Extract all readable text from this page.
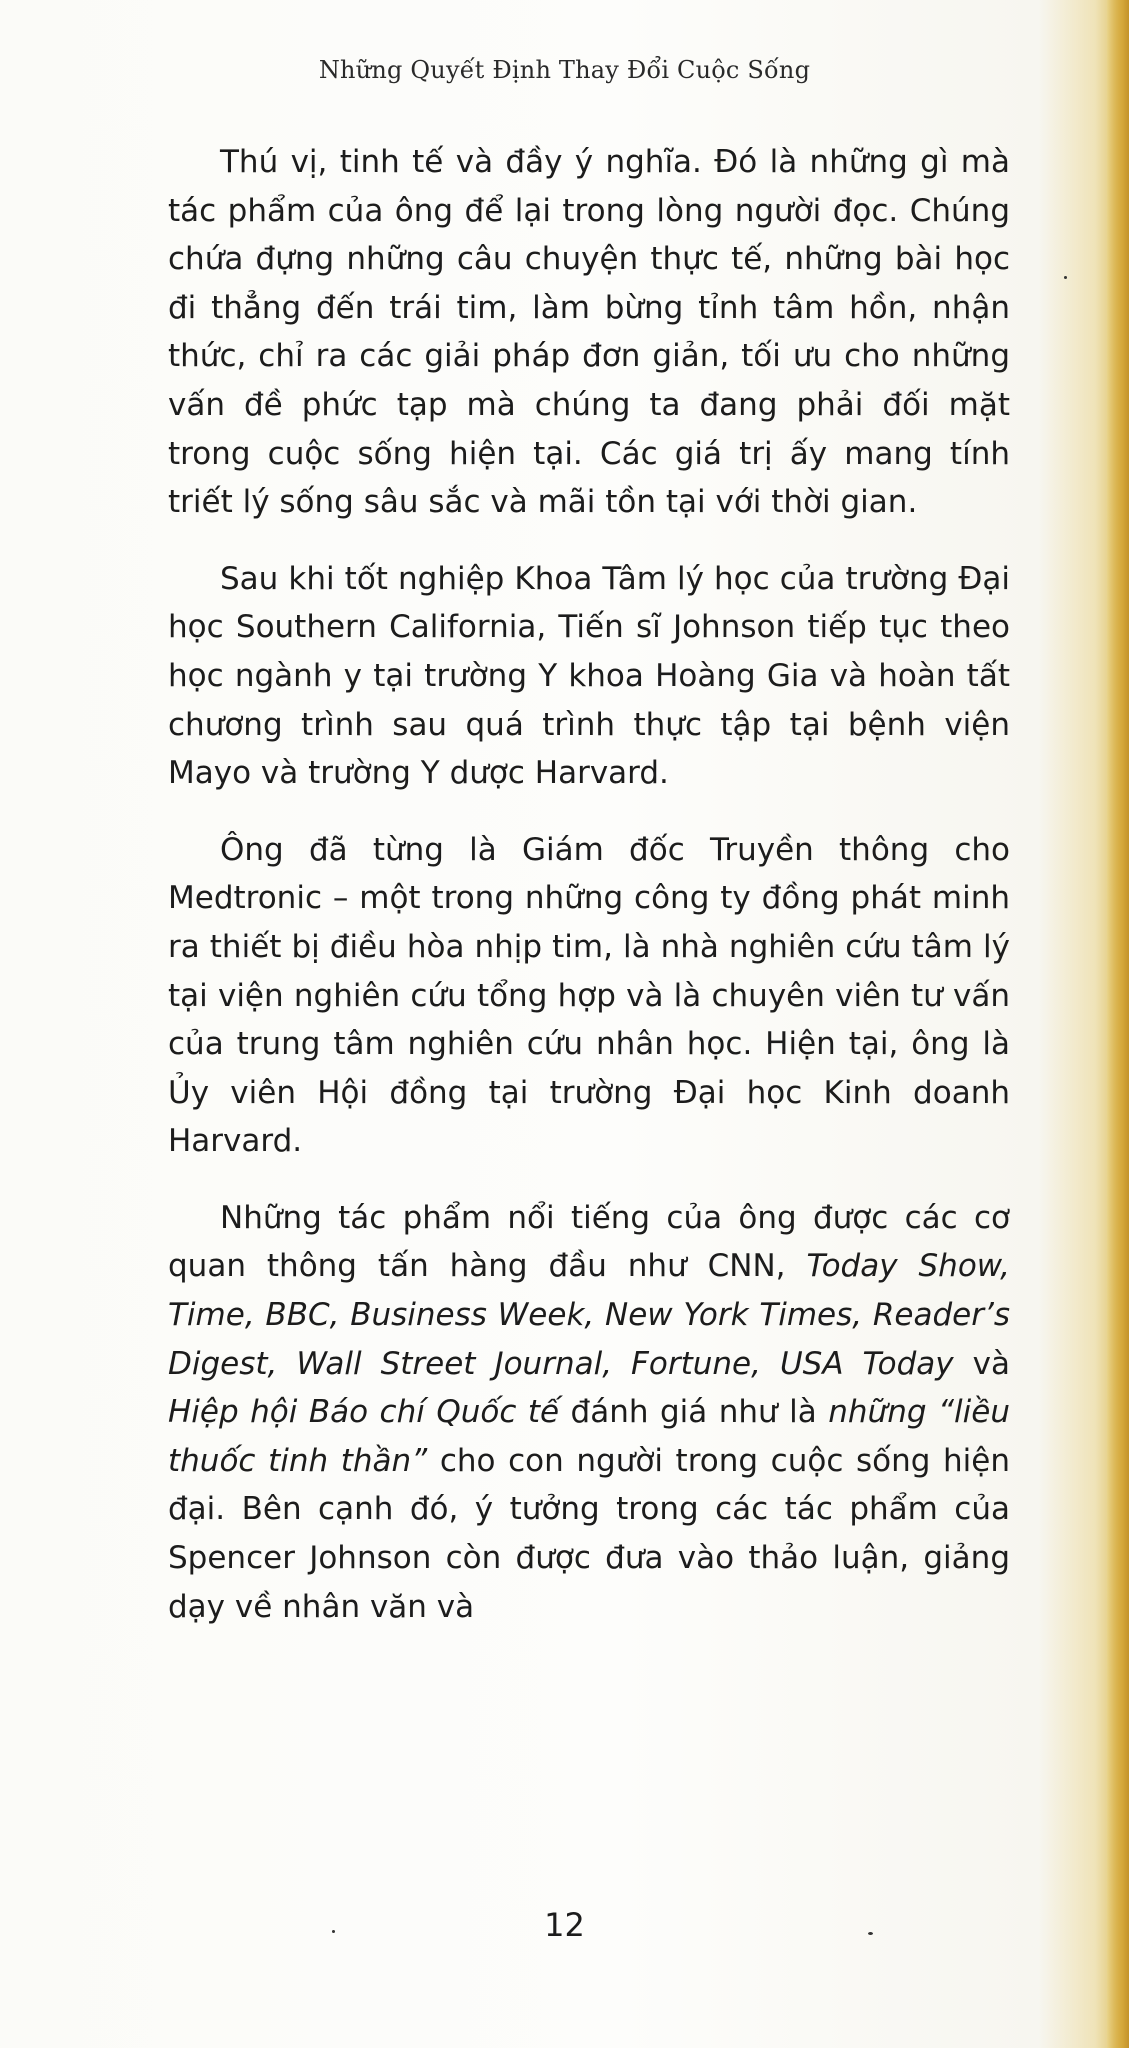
Những Quyết Định Thay Đổi Cuộc Sống

Thú vị, tinh tế và đầy ý nghĩa. Đó là những gì mà tác phẩm của ông để lại trong lòng người đọc. Chúng chứa đựng những câu chuyện thực tế, những bài học đi thẳng đến trái tim, làm bừng tỉnh tâm hồn, nhận thức, chỉ ra các giải pháp đơn giản, tối ưu cho những vấn đề phức tạp mà chúng ta đang phải đối mặt trong cuộc sống hiện tại. Các giá trị ấy mang tính triết lý sống sâu sắc và mãi tồn tại với thời gian.

Sau khi tốt nghiệp Khoa Tâm lý học của trường Đại học Southern California, Tiến sĩ Johnson tiếp tục theo học ngành y tại trường Y khoa Hoàng Gia và hoàn tất chương trình sau quá trình thực tập tại bệnh viện Mayo và trường Y dược Harvard.

Ông đã từng là Giám đốc Truyền thông cho Medtronic – một trong những công ty đồng phát minh ra thiết bị điều hòa nhịp tim, là nhà nghiên cứu tâm lý tại viện nghiên cứu tổng hợp và là chuyên viên tư vấn của trung tâm nghiên cứu nhân học. Hiện tại, ông là Ủy viên Hội đồng tại trường Đại học Kinh doanh Harvard.

Những tác phẩm nổi tiếng của ông được các cơ quan thông tấn hàng đầu như CNN, Today Show, Time, BBC, Business Week, New York Times, Reader’s Digest, Wall Street Journal, Fortune, USA Today và Hiệp hội Báo chí Quốc tế đánh giá như là những “liều thuốc tinh thần” cho con người trong cuộc sống hiện đại. Bên cạnh đó, ý tưởng trong các tác phẩm của Spencer Johnson còn được đưa vào thảo luận, giảng dạy về nhân văn và

12
